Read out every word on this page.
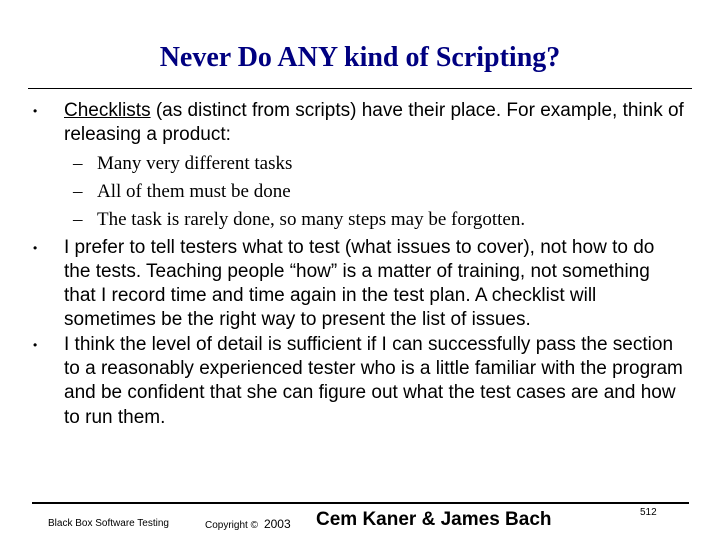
Never Do ANY kind of Scripting?
• Checklists (as distinct from scripts) have their place. For example, think of releasing a product:
– Many very different tasks
– All of them must be done
– The task is rarely done, so many steps may be forgotten.
• I prefer to tell testers what to test (what issues to cover), not how to do the tests. Teaching people “how” is a matter of training, not something that I record time and time again in the test plan. A checklist will sometimes be the right way to present the list of issues.
• I think the level of detail is sufficient if I can successfully pass the section to a reasonably experienced tester who is a little familiar with the program and be confident that she can figure out what the test cases are and how to run them.
Black Box Software Testing	Copyright © 2003 Cem Kaner & James Bach	512
